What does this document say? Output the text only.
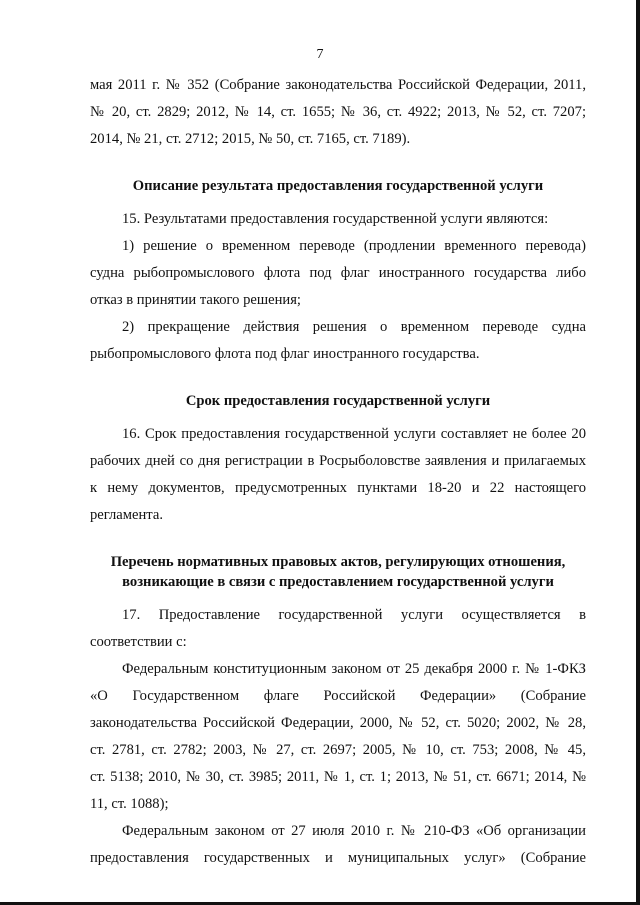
7

мая 2011 г. № 352 (Собрание законодательства Российской Федерации, 2011,

№ 20, ст. 2829; 2012, № 14, ст. 1655; № 36, ст. 4922; 2013, № 52, ст. 7207;

2014, № 21, ст. 2712; 2015, № 50, ст. 7165, ст. 7189).

Описание результата предоставления государственной услуги

15. Результатами предоставления государственной услуги являются:

1) решение о временном переводе (продлении временного перевода)

судна рыбопромыслового флота под флаг иностранного государства либо

отказ в принятии такого решения;

2) прекращение действия решения о временном переводе судна

рыбопромыслового флота под флаг иностранного государства.

Срок предоставления государственной услуги

16. Срок предоставления государственной услуги составляет не более 20

рабочих дней со дня регистрации в Росрыболовстве заявления и прилагаемых

к нему документов, предусмотренных пунктами 18-20 и 22 настоящего

регламента.

Перечень нормативных правовых актов, регулирующих отношения,
возникающие в связи с предоставлением государственной услуги

17. Предоставление государственной услуги осуществляется в

соответствии с:

Федеральным конституционным законом от 25 декабря 2000 г. № 1-ФКЗ

«О Государственном флаге Российской Федерации» (Собрание

законодательства Российской Федерации, 2000, № 52, ст. 5020; 2002, № 28,

ст. 2781, ст. 2782; 2003, № 27, ст. 2697; 2005, № 10, ст. 753; 2008, № 45,

ст. 5138; 2010, № 30, ст. 3985; 2011, № 1, ст. 1; 2013, № 51, ст. 6671; 2014, №

11, ст. 1088);

Федеральным законом от 27 июля 2010 г. № 210-ФЗ «Об организации

предоставления государственных и муниципальных услуг» (Собрание
